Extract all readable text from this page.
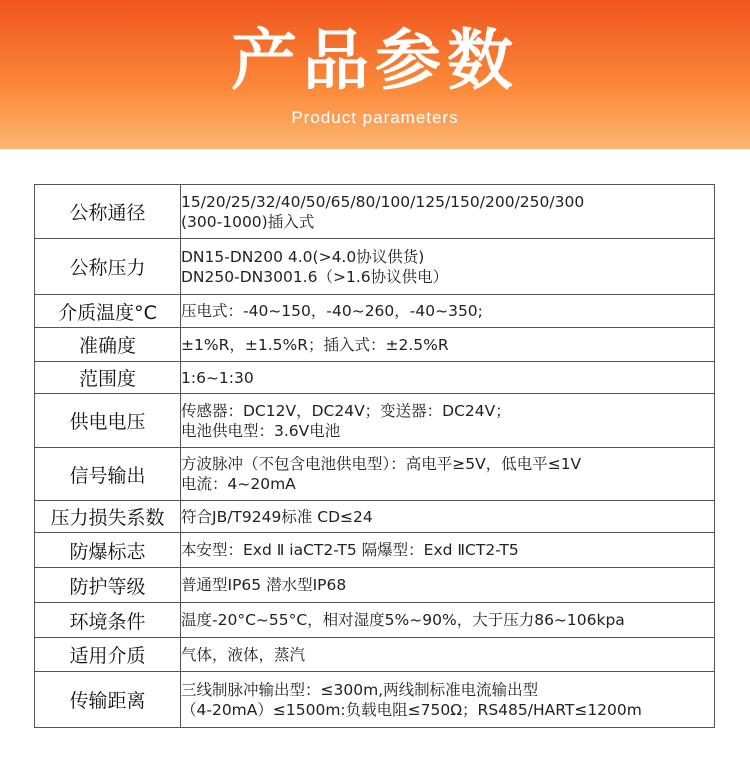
产品参数
Product parameters
公称通径	15/20/25/32/40/50/65/80/100/125/150/200/250/300
(300-1000)插入式

公称压力	DN15-DN200 4.0(>4.0协议供货)
DN250-DN3001.6（>1.6协议供电）

介质温度°C	压电式：-40~150，-40~260，-40~350;

准确度	±1%R，±1.5%R；插入式：±2.5%R

范围度	1:6~1:30

供电电压	传感器：DC12V，DC24V；变送器：DC24V；
电池供电型：3.6V电池

信号输出	方波脉冲（不包含电池供电型）：高电平≥5V，低电平≤1V
电流：4~20mA

压力损失系数	符合JB/T9249标准 CD≤24

防爆标志	本安型：Exd Ⅱ iaCT2-T5 隔爆型：Exd ⅡCT2-T5

防护等级	普通型IP65 潜水型IP68

环境条件	温度-20°C~55°C，相对湿度5%~90%，大于压力86~106kpa

适用介质	气体，液体，蒸汽

传输距离	三线制脉冲输出型：≤300m,两线制标准电流输出型
（4-20mA）≤1500m:负载电阻≤750Ω；RS485/HART≤1200m
